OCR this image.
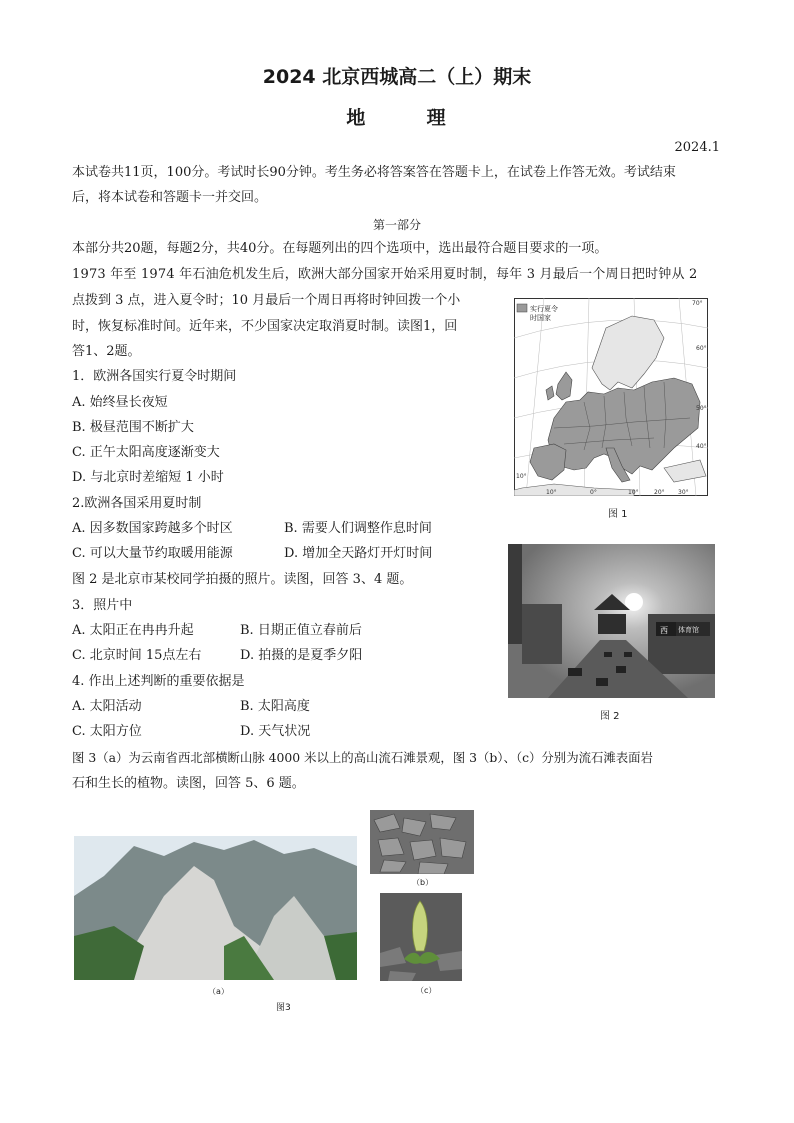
2024 北京西城高二（上）期末
地	理
2024.1
本试卷共11页，100分。考试时长90分钟。考生务必将答案答在答题卡上，在试卷上作答无效。考试结束
后，将本试卷和答题卡一并交回。
第一部分
本部分共20题，每题2分，共40分。在每题列出的四个选项中，选出最符合题目要求的一项。
1973 年至 1974 年石油危机发生后，欧洲大部分国家开始采用夏时制，每年 3 月最后一个周日把时钟从 2
点拨到 3 点，进入夏令时；10 月最后一个周日再将时钟回拨一个小
时，恢复标准时间。近年来，不少国家决定取消夏时制。读图1，回
答1、2题。
1．欧洲各国实行夏令时期间
A. 始终昼长夜短
B. 极昼范围不断扩大
C. 正午太阳高度逐渐变大
D. 与北京时差缩短 1 小时
2.欧洲各国采用夏时制
A. 因多数国家跨越多个时区	B. 需要人们调整作息时间
C. 可以大量节约取暖用能源	D. 增加全天路灯开灯时间
图 2 是北京市某校同学拍摄的照片。读图，回答 3、4 题。
3．照片中
A. 太阳正在冉冉升起	B. 日期正值立春前后
C. 北京时间 15点左右	D. 拍摄的是夏季夕阳
4. 作出上述判断的重要依据是
A. 太阳活动	B. 太阳高度
C. 太阳方位	D. 天气状况
图 3（a）为云南省西北部横断山脉 4000 米以上的高山流石滩景观，图 3（b）、（c）分别为流石滩表面岩
石和生长的植物。读图，回答 5、6 题。
实行夏令
时国家
70°
60°
50°
40°
10°
10°	0°	10°	20° 30°
图 1
西 体育馆
图 2
（a）
图3
（b）
（c）
